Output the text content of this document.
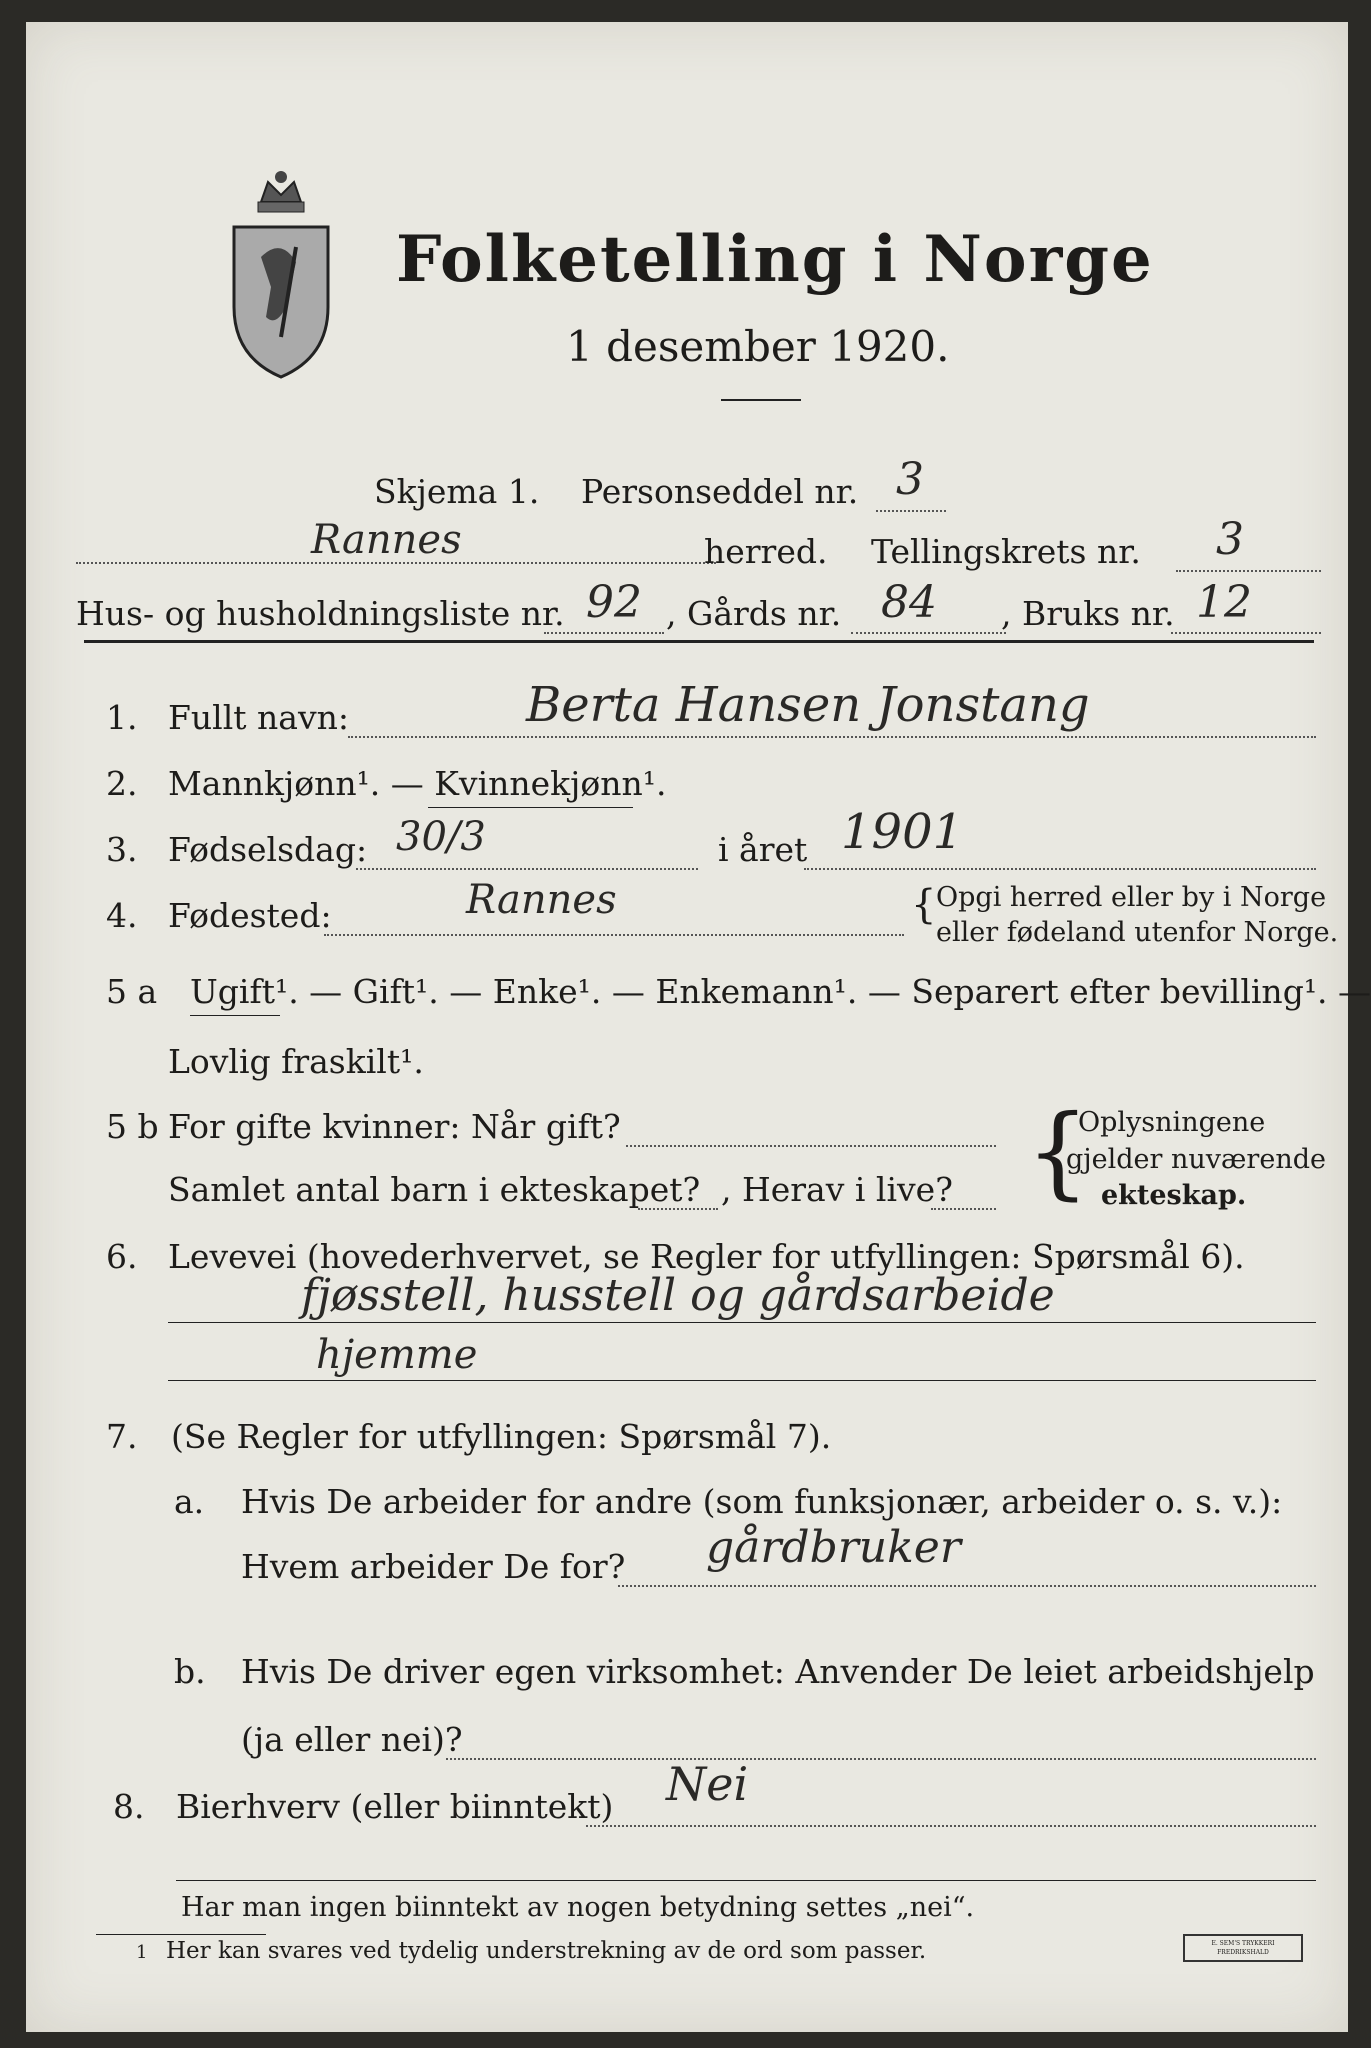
Folketelling i Norge
1 desember 1920.
Skjema 1. Personseddel nr. 3
Rannes	herred. Tellingskrets nr. 3
Hus- og husholdningsliste nr. 92 , Gårds nr. 84 , Bruks nr. 12
1. Fullt navn:	Berta Hansen Jonstang
2. Mannkjønn¹. — Kvinnekjønn¹.
3. Fødselsdag: 30/3	i året 1901
4. Fødested:	Rannes	{ Opgi herred eller by i Norge
eller fødeland utenfor Norge.
5 a Ugift¹. — Gift¹. — Enke¹. — Enkemann¹. — Separert efter bevilling¹. —
Lovlig fraskilt¹.
5 b For gifte kvinner: Når gift?
Samlet antal barn i ekteskapet? , Herav i live? {
Oplysningene
gjelder nuværende
ekteskap.
6. Levevei (hovederhvervet, se Regler for utfyllingen: Spørsmål 6).
fjøsstell, husstell og gårdsarbeide
hjemme
7. (Se Regler for utfyllingen: Spørsmål 7).
a. Hvis De arbeider for andre (som funksjonær, arbeider o. s. v.):
Hvem arbeider De for? gårdbruker
b. Hvis De driver egen virksomhet: Anvender De leiet arbeidshjelp
(ja eller nei)?
8. Bierhverv (eller biinntekt) Nei
Har man ingen biinntekt av nogen betydning settes „nei“.
1 Her kan svares ved tydelig understrekning av de ord som passer.	E. SEM'S TRYKKERI FREDRIKSHALD
